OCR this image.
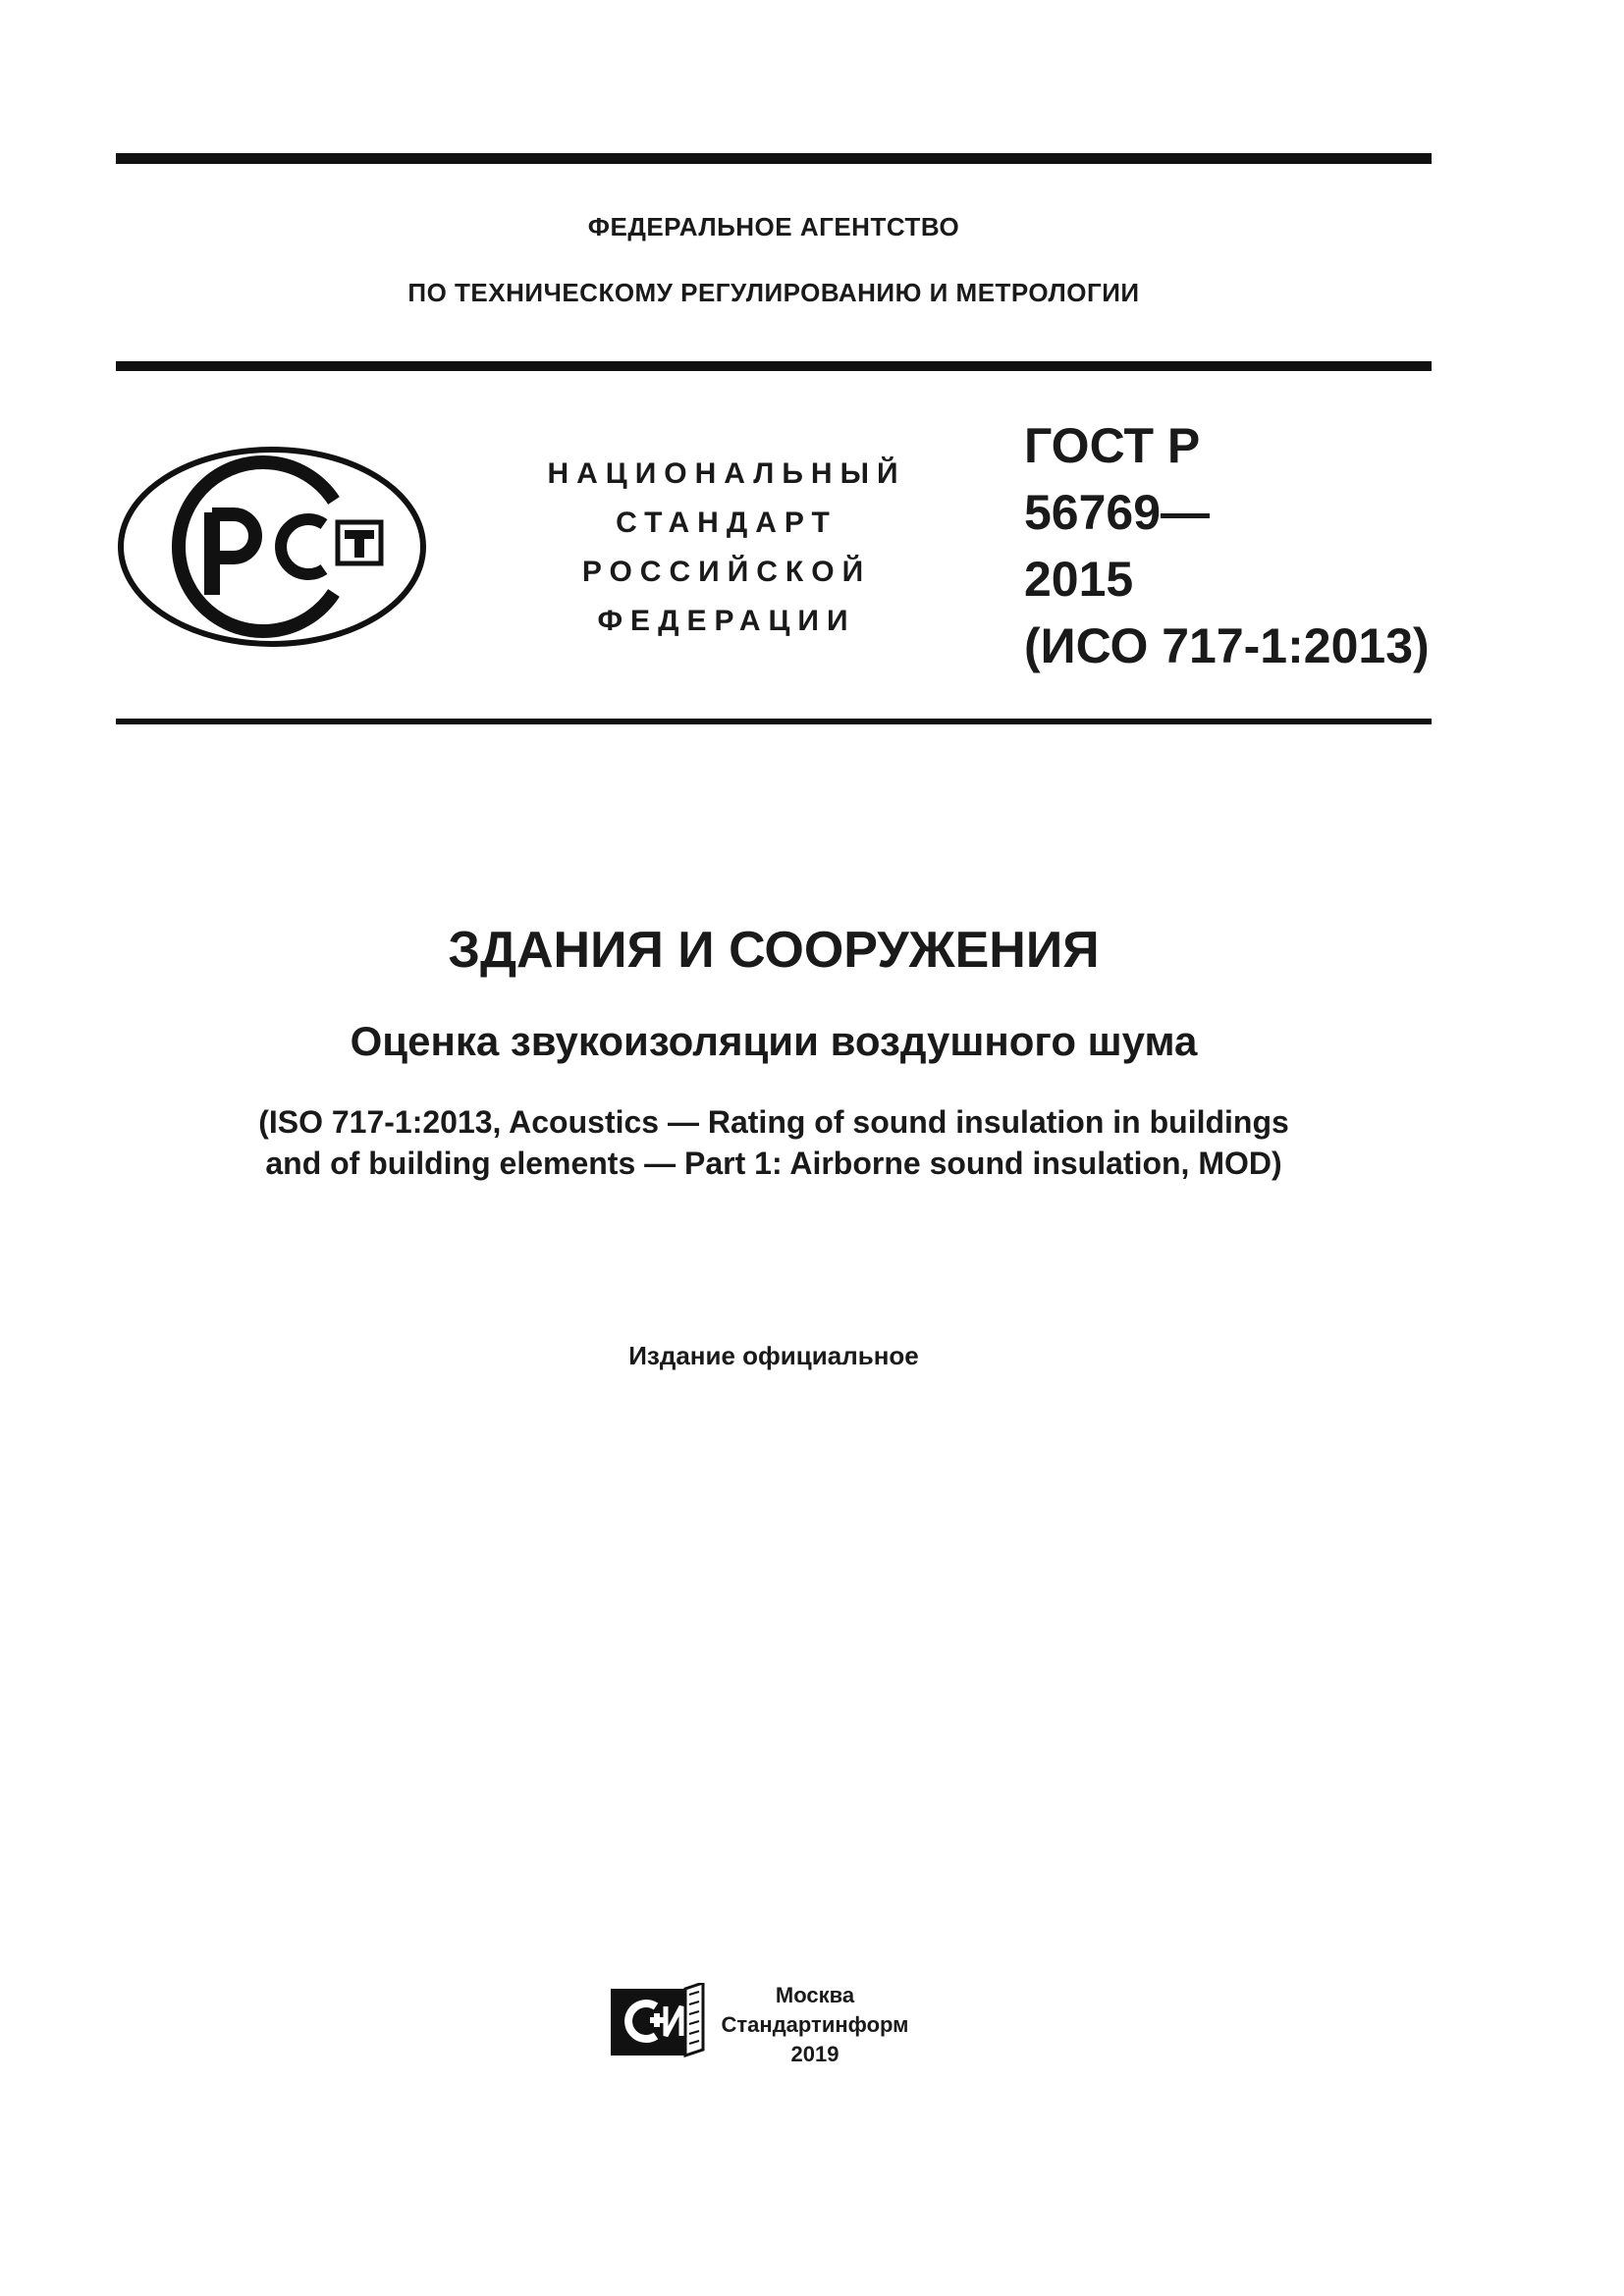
ФЕДЕРАЛЬНОЕ АГЕНТСТВО
ПО ТЕХНИЧЕСКОМУ РЕГУЛИРОВАНИЮ И МЕТРОЛОГИИ
НАЦИОНАЛЬНЫЙ
СТАНДАРТ
РОССИЙСКОЙ
ФЕДЕРАЦИИ
ГОСТ Р
56769—
2015
(ИСО 717-1:2013)
ЗДАНИЯ И СООРУЖЕНИЯ
Оценка звукоизоляции воздушного шума
(ISO 717-1:2013, Acoustics — Rating of sound insulation in buildings
and of building elements — Part 1: Airborne sound insulation, MOD)
Издание официальное
Москва
Стандартинформ
2019
